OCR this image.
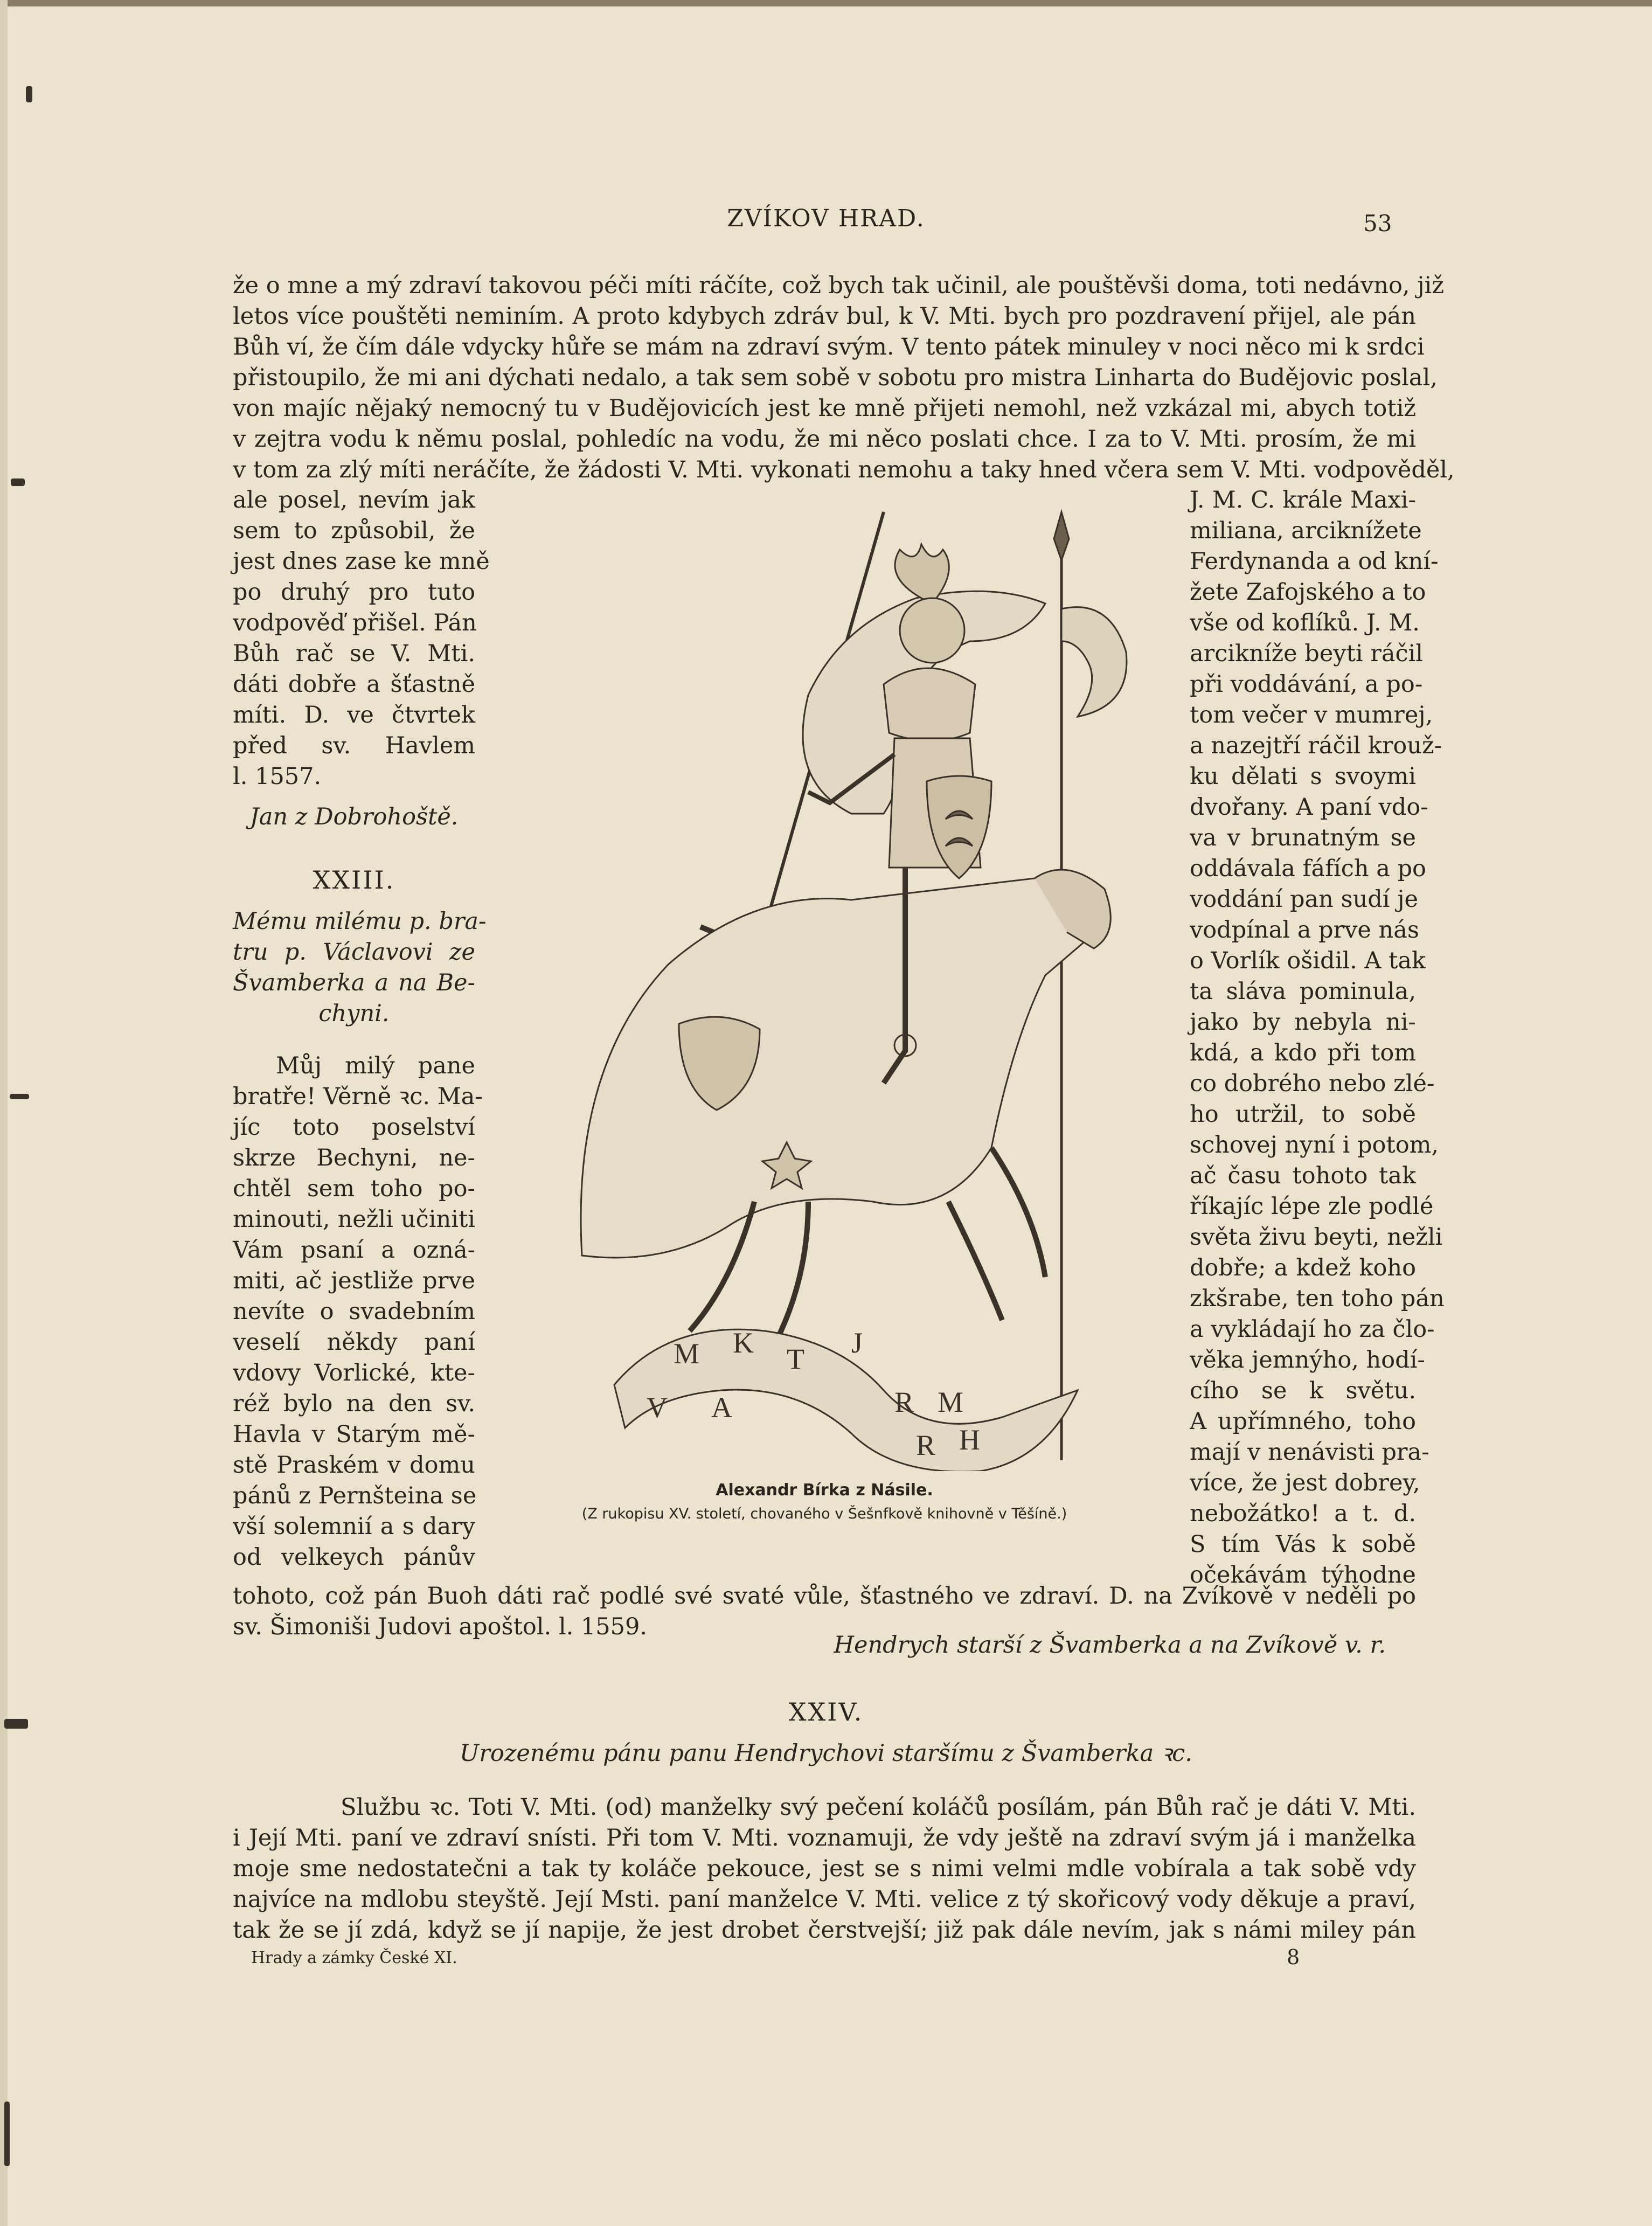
ZVÍKOV HRAD.	53
že o mne a mý zdraví takovou péči míti ráčíte, což bych tak učinil, ale pouštěvši doma, toti nedávno, již
letos více pouštěti neminím. A proto kdybych zdráv bul, k V. Mti. bych pro pozdravení přijel, ale pán
Bůh ví, že čím dále vdycky hůře se mám na zdraví svým. V tento pátek minuley v noci něco mi k srdci
přistoupilo, že mi ani dýchati nedalo, a tak sem sobě v sobotu pro mistra Linharta do Budějovic poslal,
von majíc nějaký nemocný tu v Budějovicích jest ke mně přijeti nemohl, než vzkázal mi, abych totiž
v zejtra vodu k němu poslal, pohledíc na vodu, že mi něco poslati chce. I za to V. Mti. prosím, že mi
v tom za zlý míti neráčíte, že žádosti V. Mti. vykonati nemohu a taky hned včera sem V. Mti. vodpověděl,
ale posel, nevím jak
sem to způsobil, že
jest dnes zase ke mně
po druhý pro tuto
vodpověď přišel. Pán
Bůh rač se V. Mti.
dáti dobře a šťastně
míti. D. ve čtvrtek
před sv. Havlem
l. 1557.
Jan z Dobrohoště.
XXIII.
Mému milému p. bra-
tru p. Václavovi ze
Švamberka a na Be-
chyni.
Můj milý pane
bratře! Věrně ꝛc. Ma-
jíc toto poselství
skrze Bechyni, ne-
chtěl sem toho po-
minouti, nežli učiniti
Vám psaní a ozná-
miti, ač jestliže prve
nevíte o svadebním
veselí někdy paní
vdovy Vorlické, kte-
réž bylo na den sv.
Havla v Starým mě-
stě Praském v domu
pánů z Pernšteina se
vší solemnií a s dary
od velkeych pánův
J. M. C. krále Maxi-
miliana, arciknížete
Ferdynanda a od kní-
žete Zafojského a to
vše od koflíků. J. M.
arcikníže beyti ráčil
při voddávání, a po-
tom večer v mumrej,
a nazejtří ráčil krouž-
ku dělati s svoymi
dvořany. A paní vdo-
va v brunatným se
oddávala fáfích a po
voddání pan sudí je
vodpínal a prve nás
o Vorlík ošidil. A tak
ta sláva pominula,
jako by nebyla ni-
kdá, a kdo při tom
co dobrého nebo zlé-
ho utržil, to sobě
schovej nyní i potom,
ač času tohoto tak
říkajíc lépe zle podlé
světa živu beyti, nežli
dobře; a kdež koho
zkšrabe, ten toho pán
a vykládají ho za člo-
věka jemnýho, hodí-
cího se k světu.
A upřímného, toho
mají v nenávisti pra-
více, že jest dobrey,
nebožátko! a t. d.
S tím Vás k sobě
očekávám týhodne
M K T J
V A	R M
R H
Alexandr Bírka z Násile.
(Z rukopisu XV. století, chovaného v Šešnfkově knihovně v Těšíně.)
tohoto, což pán Buoh dáti rač podlé své svaté vůle, šťastného ve zdraví. D. na Zvíkově v neděli po
sv. Šimoniši Judovi apoštol. l. 1559.
Hendrych starší z Švamberka a na Zvíkově v. r.
XXIV.
Urozenému pánu panu Hendrychovi staršímu z Švamberka ꝛc.
Službu ꝛc. Toti V. Mti. (od) manželky svý pečení koláčů posílám, pán Bůh rač je dáti V. Mti.
i Její Mti. paní ve zdraví snísti. Při tom V. Mti. voznamuji, že vdy ještě na zdraví svým já i manželka
moje sme nedostatečni a tak ty koláče pekouce, jest se s nimi velmi mdle vobírala a tak sobě vdy
najvíce na mdlobu steyště. Její Msti. paní manželce V. Mti. velice z tý skořicový vody děkuje a praví,
tak že se jí zdá, když se jí napije, že jest drobet čerstvejší; již pak dále nevím, jak s námi miley pán
Hrady a zámky České XI.	8
